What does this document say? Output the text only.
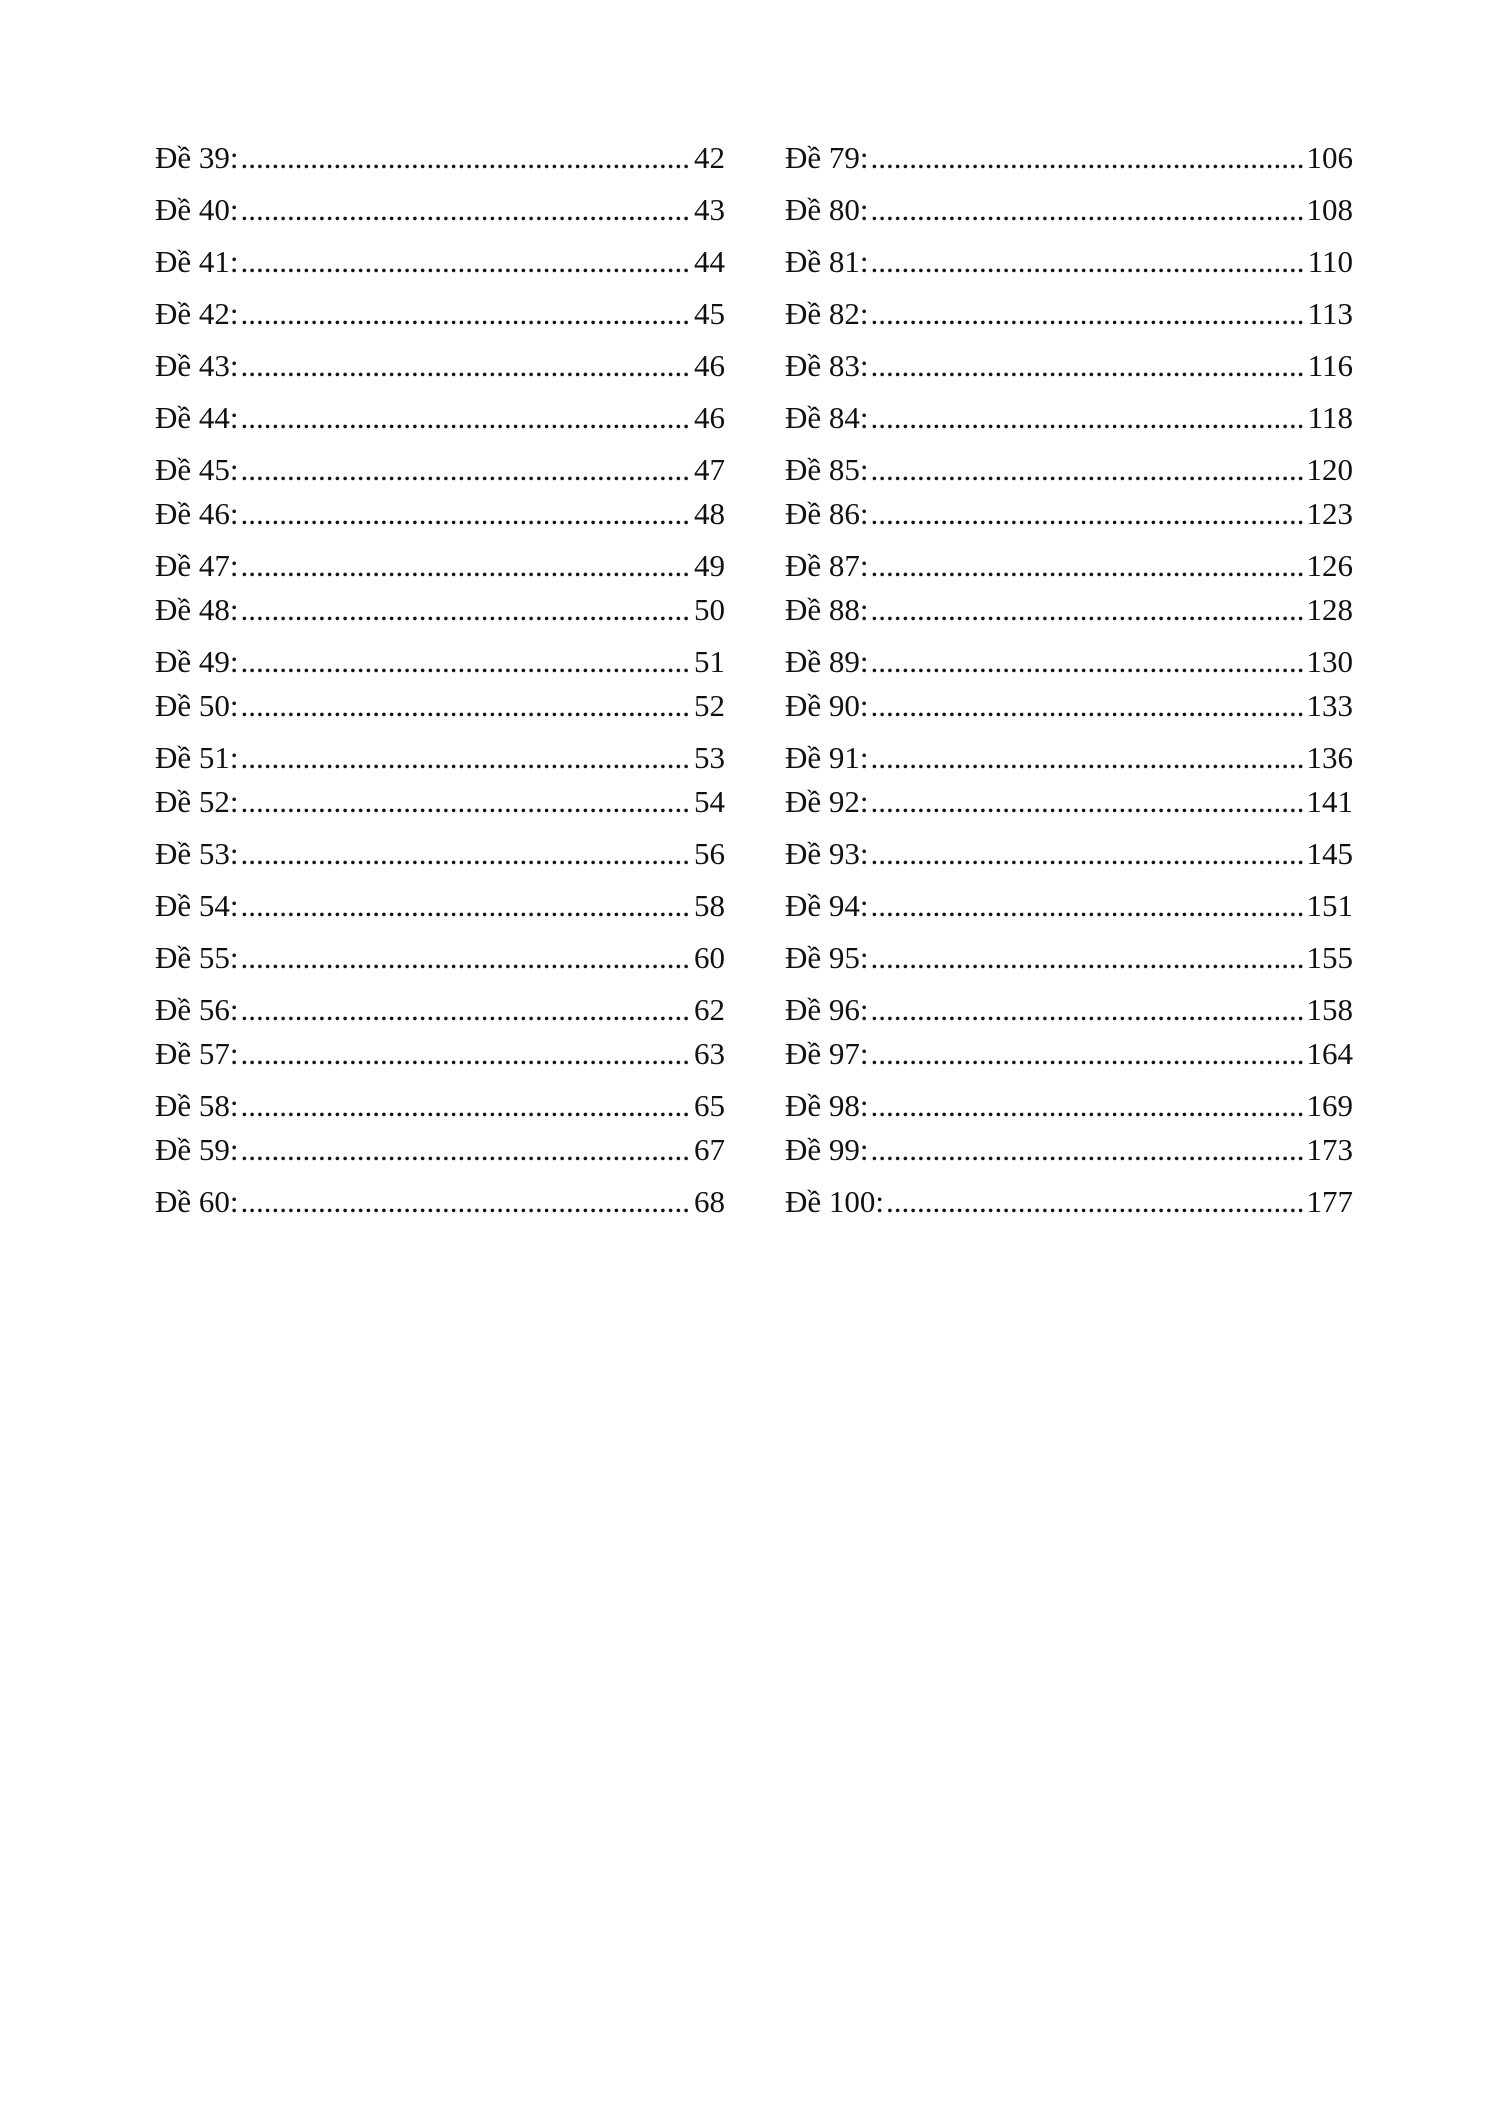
Đề 39: .....	42
Đề 40: .....	43
Đề 41: .....	44
Đề 42: .....	45
Đề 43: .....	46
Đề 44: .....	46
Đề 45: .....	47
Đề 46: .....	48
Đề 47: .....	49
Đề 48: .....	50
Đề 49: .....	51
Đề 50: .....	52
Đề 51: .....	53
Đề 52: .....	54
Đề 53: .....	56
Đề 54: .....	58
Đề 55: .....	60
Đề 56: .....	62
Đề 57: .....	63
Đề 58: .....	65
Đề 59: .....	67
Đề 60: .....	68
Đề 79: .....	106
Đề 80: .....	108
Đề 81: .....	110
Đề 82: .....	113
Đề 83: .....	116
Đề 84: .....	118
Đề 85: .....	120
Đề 86: .....	123
Đề 87: .....	126
Đề 88: .....	128
Đề 89: .....	130
Đề 90: .....	133
Đề 91: .....	136
Đề 92: .....	141
Đề 93: .....	145
Đề 94: .....	151
Đề 95: .....	155
Đề 96: .....	158
Đề 97: .....	164
Đề 98: .....	169
Đề 99: .....	173
Đề 100: .....	177
